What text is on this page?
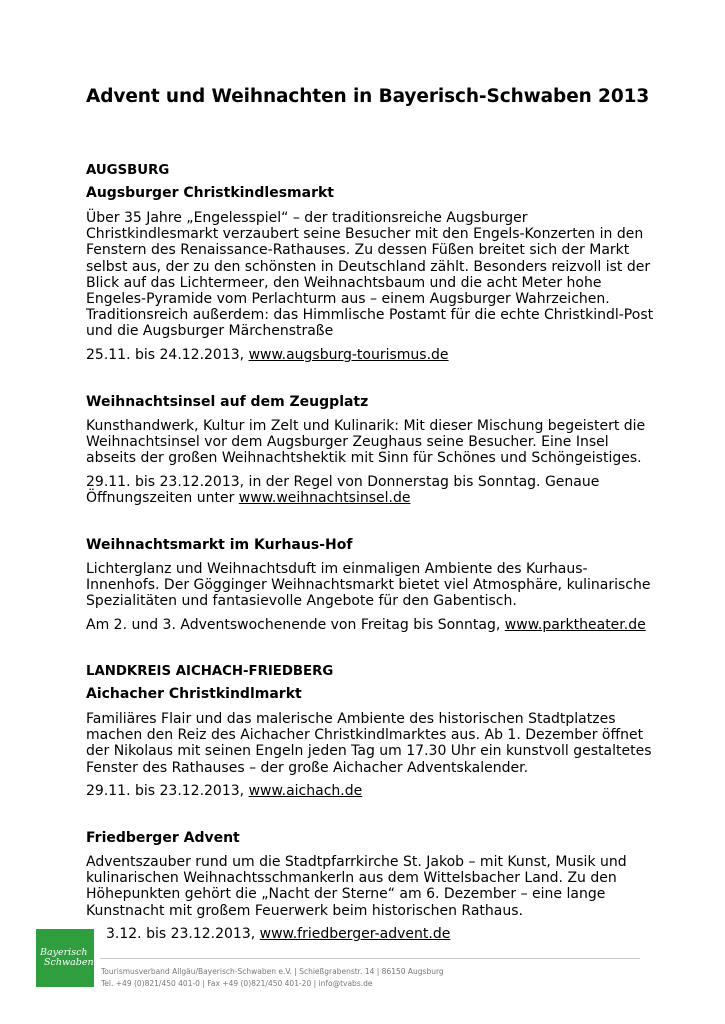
Advent und Weihnachten in Bayerisch-Schwaben 2013
AUGSBURG
Augsburger Christkindlesmarkt
Über 35 Jahre „Engelesspiel“ – der traditionsreiche Augsburger
Christkindlesmarkt verzaubert seine Besucher mit den Engels-Konzerten in den
Fenstern des Renaissance-Rathauses. Zu dessen Füßen breitet sich der Markt
selbst aus, der zu den schönsten in Deutschland zählt. Besonders reizvoll ist der
Blick auf das Lichtermeer, den Weihnachtsbaum und die acht Meter hohe
Engeles-Pyramide vom Perlachturm aus – einem Augsburger Wahrzeichen.
Traditionsreich außerdem: das Himmlische Postamt für die echte Christkindl-Post
und die Augsburger Märchenstraße
25.11. bis 24.12.2013, www.augsburg-tourismus.de
Weihnachtsinsel auf dem Zeugplatz
Kunsthandwerk, Kultur im Zelt und Kulinarik: Mit dieser Mischung begeistert die
Weihnachtsinsel vor dem Augsburger Zeughaus seine Besucher. Eine Insel
abseits der großen Weihnachtshektik mit Sinn für Schönes und Schöngeistiges.
29.11. bis 23.12.2013, in der Regel von Donnerstag bis Sonntag. Genaue
Öffnungszeiten unter www.weihnachtsinsel.de
Weihnachtsmarkt im Kurhaus-Hof
Lichterglanz und Weihnachtsduft im einmaligen Ambiente des Kurhaus-
Innenhofs. Der Gögginger Weihnachtsmarkt bietet viel Atmosphäre, kulinarische
Spezialitäten und fantasievolle Angebote für den Gabentisch.
Am 2. und 3. Adventswochenende von Freitag bis Sonntag, www.parktheater.de
LANDKREIS AICHACH-FRIEDBERG
Aichacher Christkindlmarkt
Familiäres Flair und das malerische Ambiente des historischen Stadtplatzes
machen den Reiz des Aichacher Christkindlmarktes aus. Ab 1. Dezember öffnet
der Nikolaus mit seinen Engeln jeden Tag um 17.30 Uhr ein kunstvoll gestaltetes
Fenster des Rathauses – der große Aichacher Adventskalender.
29.11. bis 23.12.2013, www.aichach.de
Friedberger Advent
Adventszauber rund um die Stadtpfarrkirche St. Jakob – mit Kunst, Musik und
kulinarischen Weihnachtsschmankerln aus dem Wittelsbacher Land. Zu den
Höhepunkten gehört die „Nacht der Sterne“ am 6. Dezember – eine lange
Kunstnacht mit großem Feuerwerk beim historischen Rathaus.
3.12. bis 23.12.2013, www.friedberger-advent.de
Bayerisch
Schwaben
Tourismusverband Allgäu/Bayerisch-Schwaben e.V. | Schießgrabenstr. 14 | 86150 Augsburg
Tel. +49 (0)821/450 401-0 | Fax +49 (0)821/450 401-20 | info@tvabs.de
